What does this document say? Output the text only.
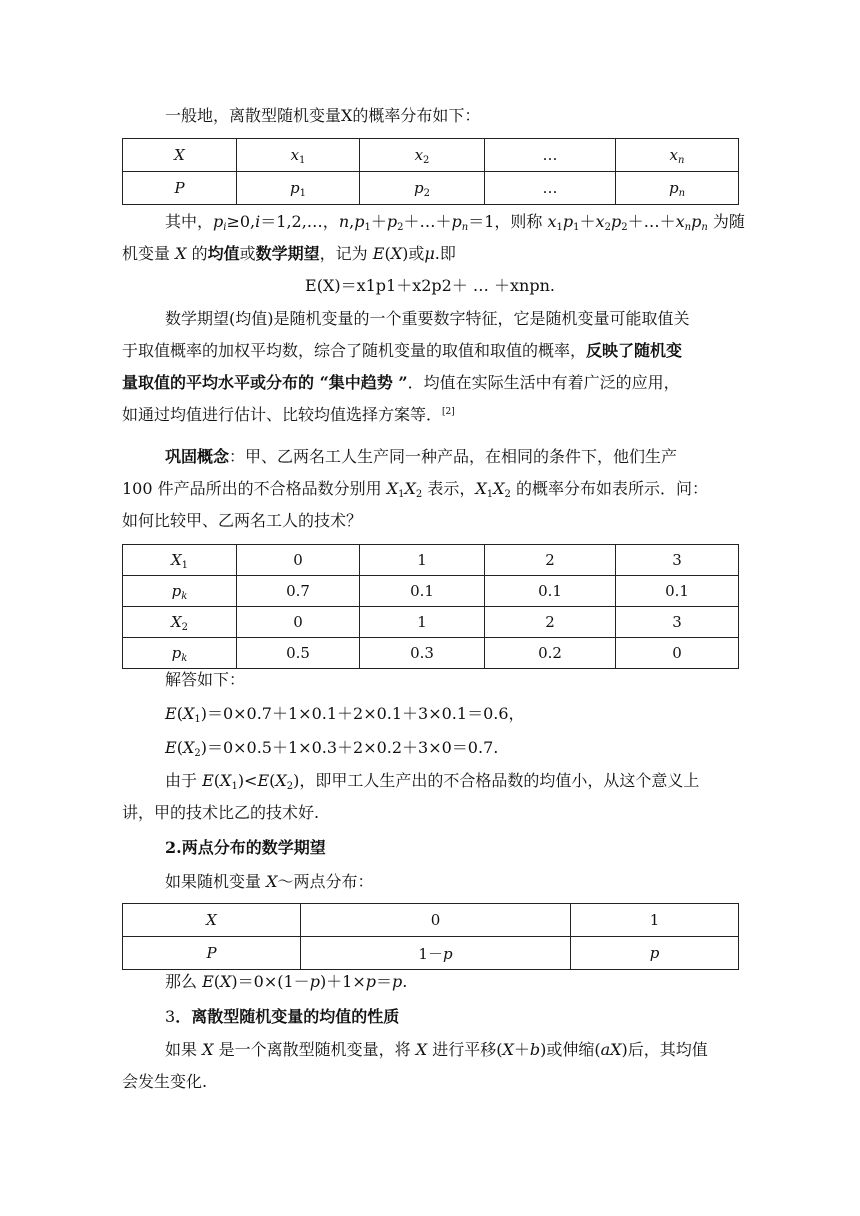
一般地，离散型随机变量X的概率分布如下：

X	$x_1$	$x_2$	…	$x_n$
P	$p_1$	$p_2$	…	$p_n$

其中，$p_i\ge 0,i=1,2,\dots$，$n,p_1+p_2+\dots+p_n=1$，则称 $x_1p_1+x_2p_2+\dots+x_np_n$ 为随

机变量 X 的均值或数学期望，记为 E(X)或μ.即

E(X)＝x1p1＋x2p2＋ … ＋xnpn.

数学期望(均值)是随机变量的一个重要数字特征，它是随机变量可能取值关

于取值概率的加权平均数，综合了随机变量的取值和取值的概率，反映了随机变

量取值的平均水平或分布的 “集中趋势 ”．均值在实际生活中有着广泛的应用，

如通过均值进行估计、比较均值选择方案等．[2]

巩固概念：甲、乙两名工人生产同一种产品，在相同的条件下，他们生产

100 件产品所出的不合格品数分别用 $X_1X_2$ 表示，$X_1X_2$ 的概率分布如表所示．问：

如何比较甲、乙两名工人的技术？

$X_1$	0	1	2	3
$p_k$	0.7	0.1	0.1	0.1
$X_2$	0	1	2	3
$p_k$	0.5	0.3	0.2	0

解答如下：

$E(X_1)=0\times 0.7+1\times 0.1+2\times 0.1+3\times 0.1=0.6$，

$E(X_2)=0\times 0.5+1\times 0.3+2\times 0.2+3\times 0=0.7$.

由于 $E(X_1)<E(X_2)$，即甲工人生产出的不合格品数的均值小，从这个意义上

讲，甲的技术比乙的技术好.

2.两点分布的数学期望

如果随机变量 X～两点分布：

X	0	1
P	1－p	p

那么 E(X)＝0×(1－p)＋1×p＝p.

3．离散型随机变量的均值的性质

如果 X 是一个离散型随机变量，将 X 进行平移(X＋b)或伸缩(aX)后，其均值

会发生变化.
